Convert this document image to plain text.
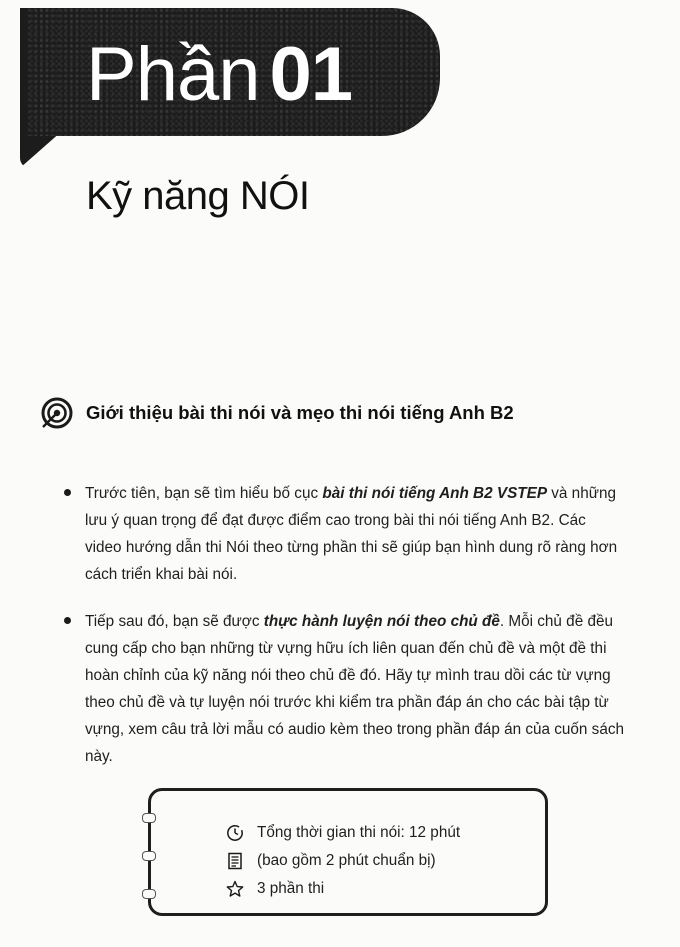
Phần 01
Kỹ năng NÓI
Giới thiệu bài thi nói và mẹo thi nói tiếng Anh B2

Trước tiên, bạn sẽ tìm hiểu bố cục bài thi nói tiếng Anh B2 VSTEP và những lưu ý quan trọng để đạt được điểm cao trong bài thi nói tiếng Anh B2. Các video hướng dẫn thi Nói theo từng phần thi sẽ giúp bạn hình dung rõ ràng hơn cách triển khai bài nói.

Tiếp sau đó, bạn sẽ được thực hành luyện nói theo chủ đề. Mỗi chủ đề đều cung cấp cho bạn những từ vựng hữu ích liên quan đến chủ đề và một đề thi hoàn chỉnh của kỹ năng nói theo chủ đề đó. Hãy tự mình trau dồi các từ vựng theo chủ đề và tự luyện nói trước khi kiểm tra phần đáp án cho các bài tập từ vựng, xem câu trả lời mẫu có audio kèm theo trong phần đáp án của cuốn sách này.

Tổng thời gian thi nói: 12 phút
(bao gồm 2 phút chuẩn bị)
3 phần thi
